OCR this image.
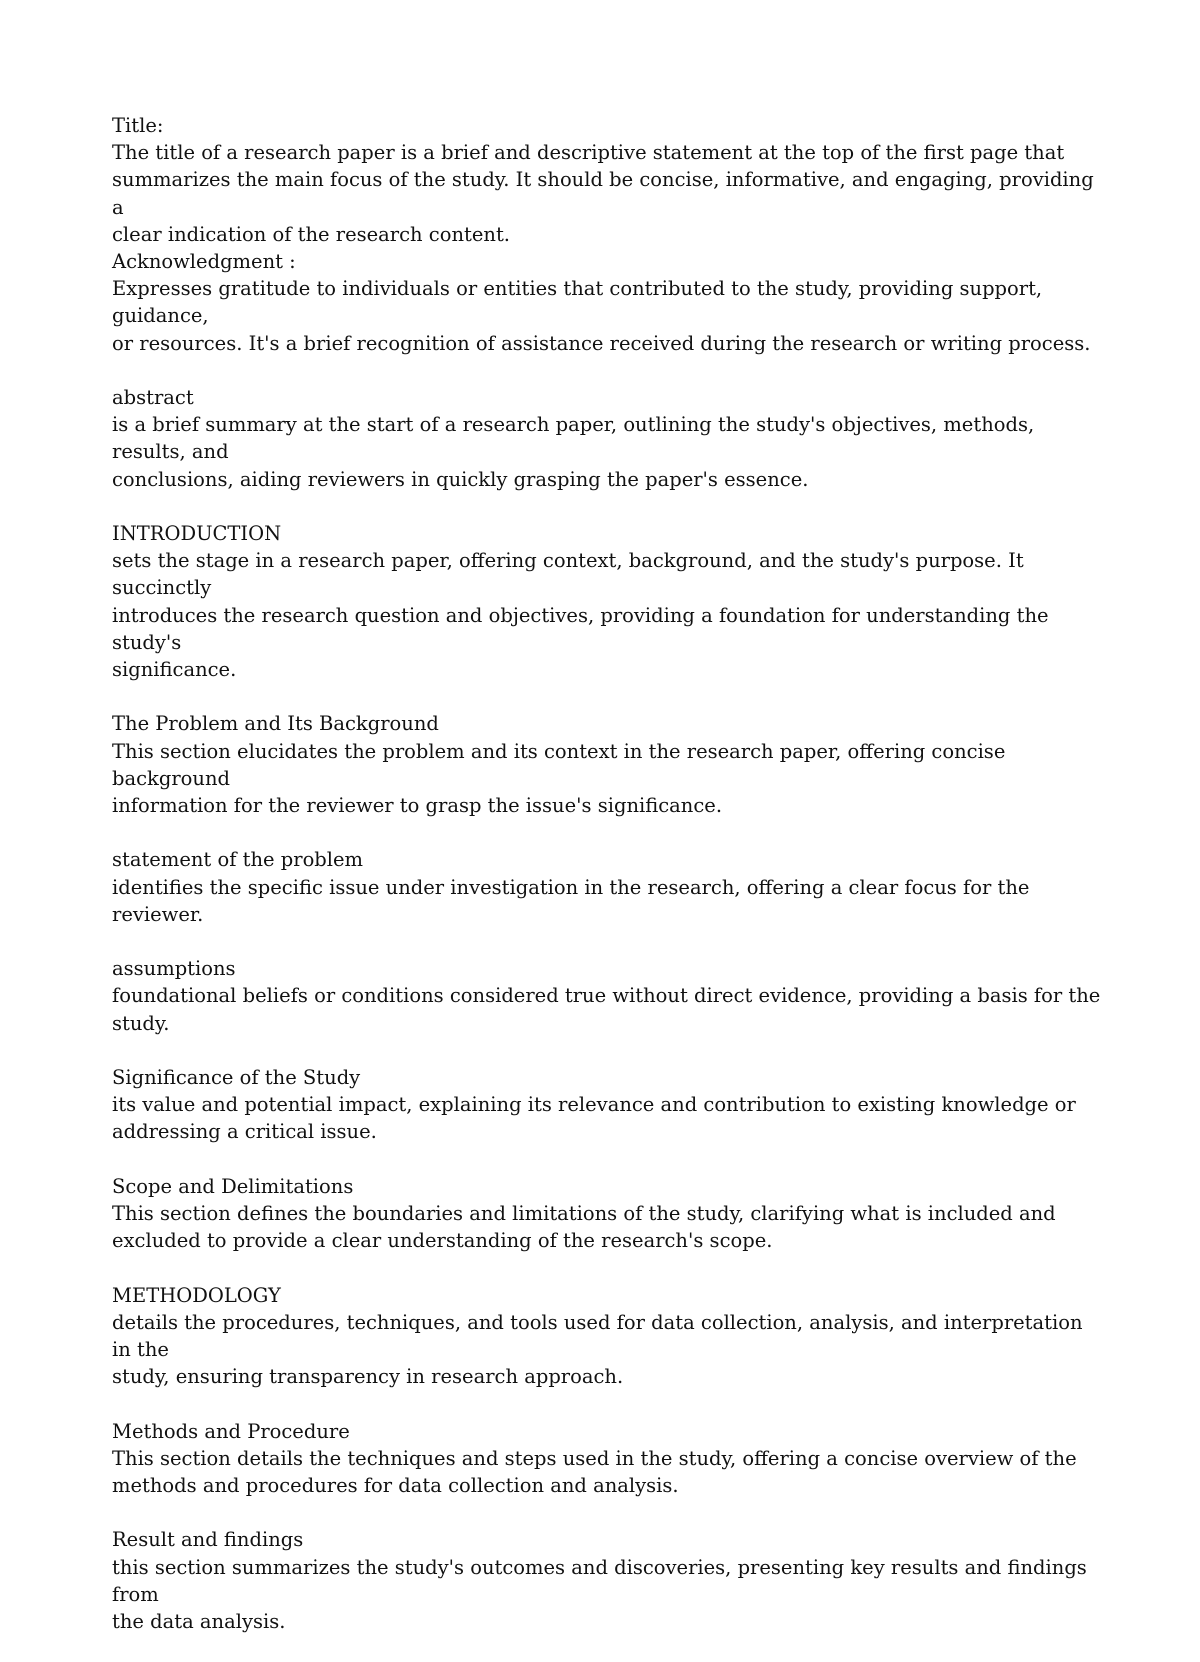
Title:
The title of a research paper is a brief and descriptive statement at the top of the first page that
summarizes the main focus of the study. It should be concise, informative, and engaging, providing a
clear indication of the research content.
Acknowledgment :
Expresses gratitude to individuals or entities that contributed to the study, providing support, guidance,
or resources. It's a brief recognition of assistance received during the research or writing process.
abstract
is a brief summary at the start of a research paper, outlining the study's objectives, methods, results, and
conclusions, aiding reviewers in quickly grasping the paper's essence.
INTRODUCTION
sets the stage in a research paper, offering context, background, and the study's purpose. It succinctly
introduces the research question and objectives, providing a foundation for understanding the study's
significance.
The Problem and Its Background
This section elucidates the problem and its context in the research paper, offering concise background
information for the reviewer to grasp the issue's significance.
statement of the problem
identifies the specific issue under investigation in the research, offering a clear focus for the reviewer.
assumptions
foundational beliefs or conditions considered true without direct evidence, providing a basis for the
study.
Significance of the Study
its value and potential impact, explaining its relevance and contribution to existing knowledge or
addressing a critical issue.
Scope and Delimitations
This section defines the boundaries and limitations of the study, clarifying what is included and
excluded to provide a clear understanding of the research's scope.
METHODOLOGY
details the procedures, techniques, and tools used for data collection, analysis, and interpretation in the
study, ensuring transparency in research approach.
Methods and Procedure
This section details the techniques and steps used in the study, offering a concise overview of the
methods and procedures for data collection and analysis.
Result and findings
this section summarizes the study's outcomes and discoveries, presenting key results and findings from
the data analysis.
